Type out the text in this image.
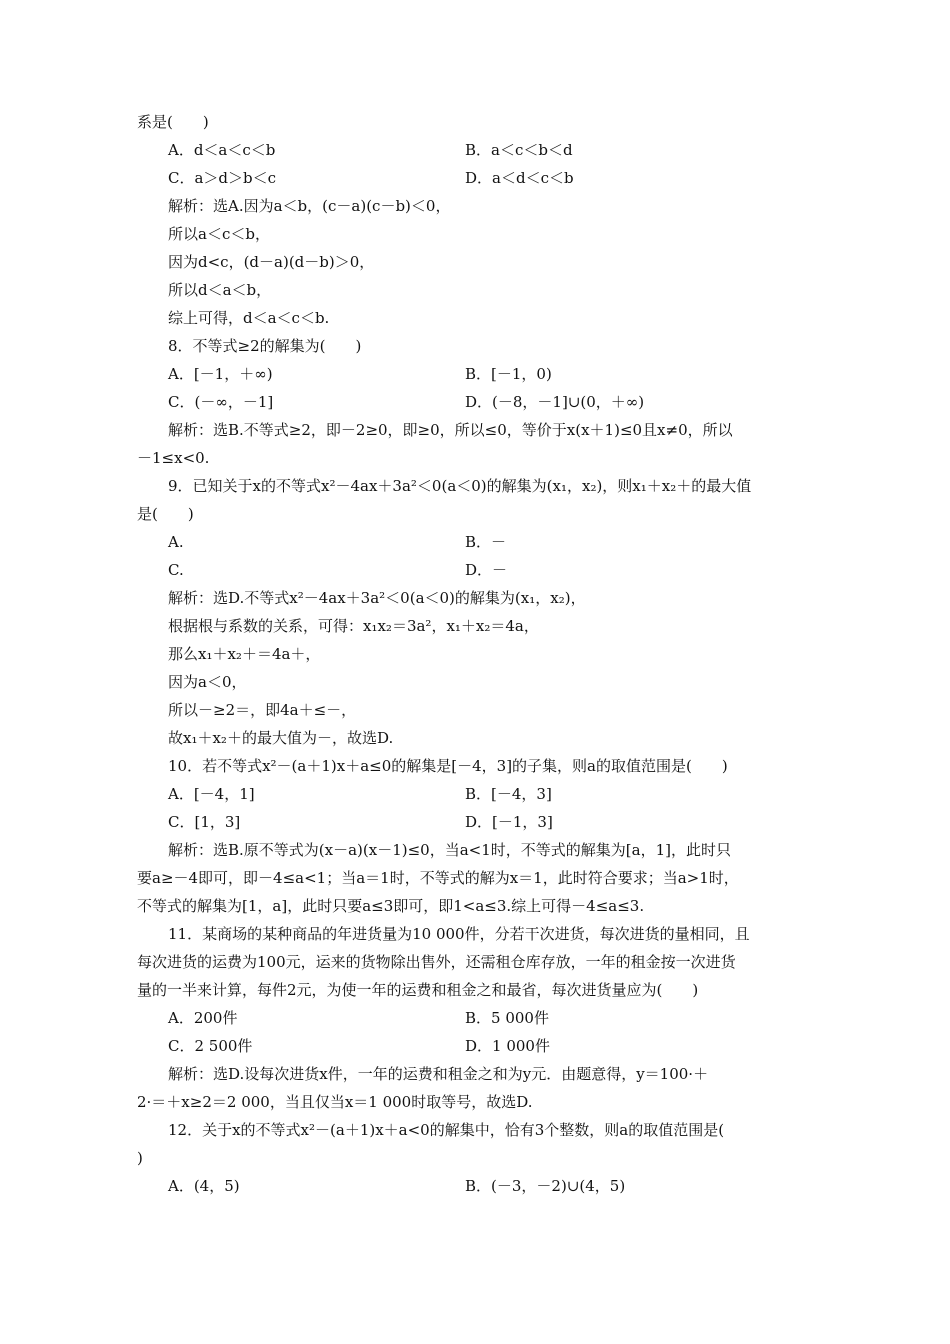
系是(　　)
A．d＜a＜c＜b	B．a＜c＜b＜d
C．a＞d＞b＜c	D．a＜d＜c＜b
解析：选A.因为a＜b，(c－a)(c－b)＜0，
所以a＜c＜b，
因为d<c，(d－a)(d－b)＞0，
所以d＜a＜b，
综上可得，d＜a＜c＜b.
8．不等式≥2的解集为(　　)
A．[－1，＋∞)	B．[－1，0)
C．(－∞，－1]	D．(－8，－1]∪(0，＋∞)
解析：选B.不等式≥2，即－2≥0，即≥0，所以≤0，等价于x(x＋1)≤0且x≠0，所以
－1≤x<0.
9．已知关于x的不等式x²－4ax＋3a²＜0(a＜0)的解集为(x₁，x₂)，则x₁＋x₂＋的最大值
是(　　)
A.	B．－
C.	D．－
解析：选D.不等式x²－4ax＋3a²＜0(a＜0)的解集为(x₁，x₂)，
根据根与系数的关系，可得：x₁x₂＝3a²，x₁＋x₂＝4a，
那么x₁＋x₂＋＝4a＋，
因为a＜0，
所以－≥2＝，即4a＋≤－，
故x₁＋x₂＋的最大值为－，故选D.
10．若不等式x²－(a＋1)x＋a≤0的解集是[－4，3]的子集，则a的取值范围是(　　)
A．[－4，1]	B．[－4，3]
C．[1，3]	D．[－1，3]
解析：选B.原不等式为(x－a)(x－1)≤0，当a<1时，不等式的解集为[a，1]，此时只
要a≥－4即可，即－4≤a<1；当a＝1时，不等式的解为x＝1，此时符合要求；当a>1时，
不等式的解集为[1，a]，此时只要a≤3即可，即1<a≤3.综上可得－4≤a≤3.
11．某商场的某种商品的年进货量为10 000件，分若干次进货，每次进货的量相同，且
每次进货的运费为100元，运来的货物除出售外，还需租仓库存放，一年的租金按一次进货
量的一半来计算，每件2元，为使一年的运费和租金之和最省，每次进货量应为(　　)
A．200件	B．5 000件
C．2 500件	D．1 000件
解析：选D.设每次进货x件，一年的运费和租金之和为y元．由题意得，y＝100·＋
2·＝＋x≥2＝2 000，当且仅当x＝1 000时取等号，故选D.
12．关于x的不等式x²－(a＋1)x＋a<0的解集中，恰有3个整数，则a的取值范围是(
)
A．(4，5)	B．(－3，－2)∪(4，5)
